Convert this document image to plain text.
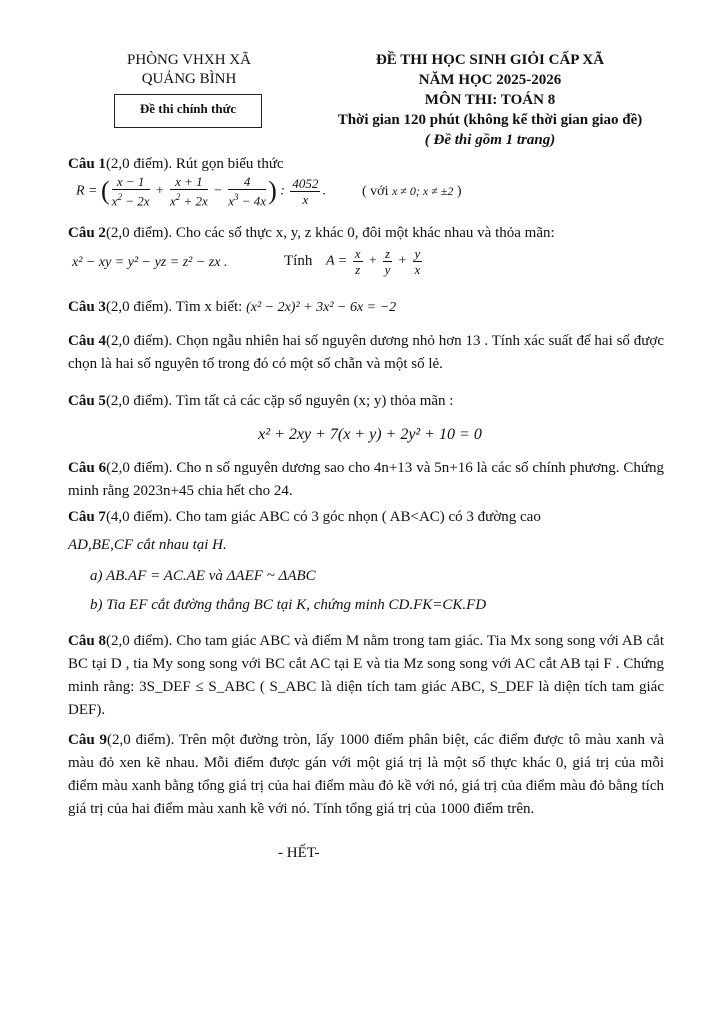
PHÒNG VHXH XÃ
QUẢNG BÌNH
Đề thi chính thức
ĐỀ THI HỌC SINH GIỎI CẤP XÃ
NĂM HỌC 2025-2026
MÔN THI: TOÁN 8
Thời gian 120 phút (không kể thời gian giao đề)
( Đề thi gồm 1 trang)
Câu 1(2,0 điểm). Rút gọn biểu thức
R = ( $\frac{x - 1}{x^2 - 2x} + \frac{x + 1}{x^2 + 2x} - \frac{4}{x^3 - 4x}$ ) : $\frac{4052}{x}$ .	( với x ≠ 0; x ≠ ±2 )
Câu 2(2,0 điểm). Cho các số thực x, y, z khác 0, đôi một khác nhau và thỏa mãn:
x² − xy = y² − yz = z² − zx .	Tính $A = \frac{x}{z} + \frac{z}{y} + \frac{y}{x}$
Câu 3(2,0 điểm). Tìm x biết: (x² − 2x)² + 3x² − 6x = −2
Câu 4(2,0 điểm). Chọn ngẫu nhiên hai số nguyên dương nhỏ hơn 13 . Tính xác suất để hai số được chọn là hai số nguyên tố trong đó có một số chẵn và một số lẻ.
Câu 5(2,0 điểm). Tìm tất cả các cặp số nguyên (x; y) thỏa mãn :
x² + 2xy + 7(x + y) + 2y² + 10 = 0
Câu 6(2,0 điểm). Cho n số nguyên dương sao cho 4n+13 và 5n+16 là các số chính phương. Chứng minh rằng 2023n+45 chia hết cho 24.
Câu 7(4,0 điểm). Cho tam giác ABC có 3 góc nhọn ( AB<AC) có 3 đường cao
AD,BE,CF cắt nhau tại H.
a) AB.AF = AC.AE và ΔAEF ~ ΔABC
b) Tia EF cắt đường thẳng BC tại K, chứng minh CD.FK=CK.FD
Câu 8(2,0 điểm). Cho tam giác ABC và điểm M nằm trong tam giác. Tia Mx song song với AB cắt BC tại D , tia My song song với BC cắt AC tại E và tia Mz song song với AC cắt AB tại F . Chứng minh rằng: 3S_DEF ≤ S_ABC ( S_ABC là diện tích tam giác ABC, S_DEF là diện tích tam giác DEF).
Câu 9(2,0 điểm). Trên một đường tròn, lấy 1000 điểm phân biệt, các điểm được tô màu xanh và màu đỏ xen kẽ nhau. Mỗi điểm được gán với một giá trị là một số thực khác 0, giá trị của mỗi điểm màu xanh bằng tổng giá trị của hai điểm màu đỏ kề với nó, giá trị của điểm màu đỏ bằng tích giá trị của hai điểm màu xanh kề với nó. Tính tổng giá trị của 1000 điểm trên.
- HẾT-
